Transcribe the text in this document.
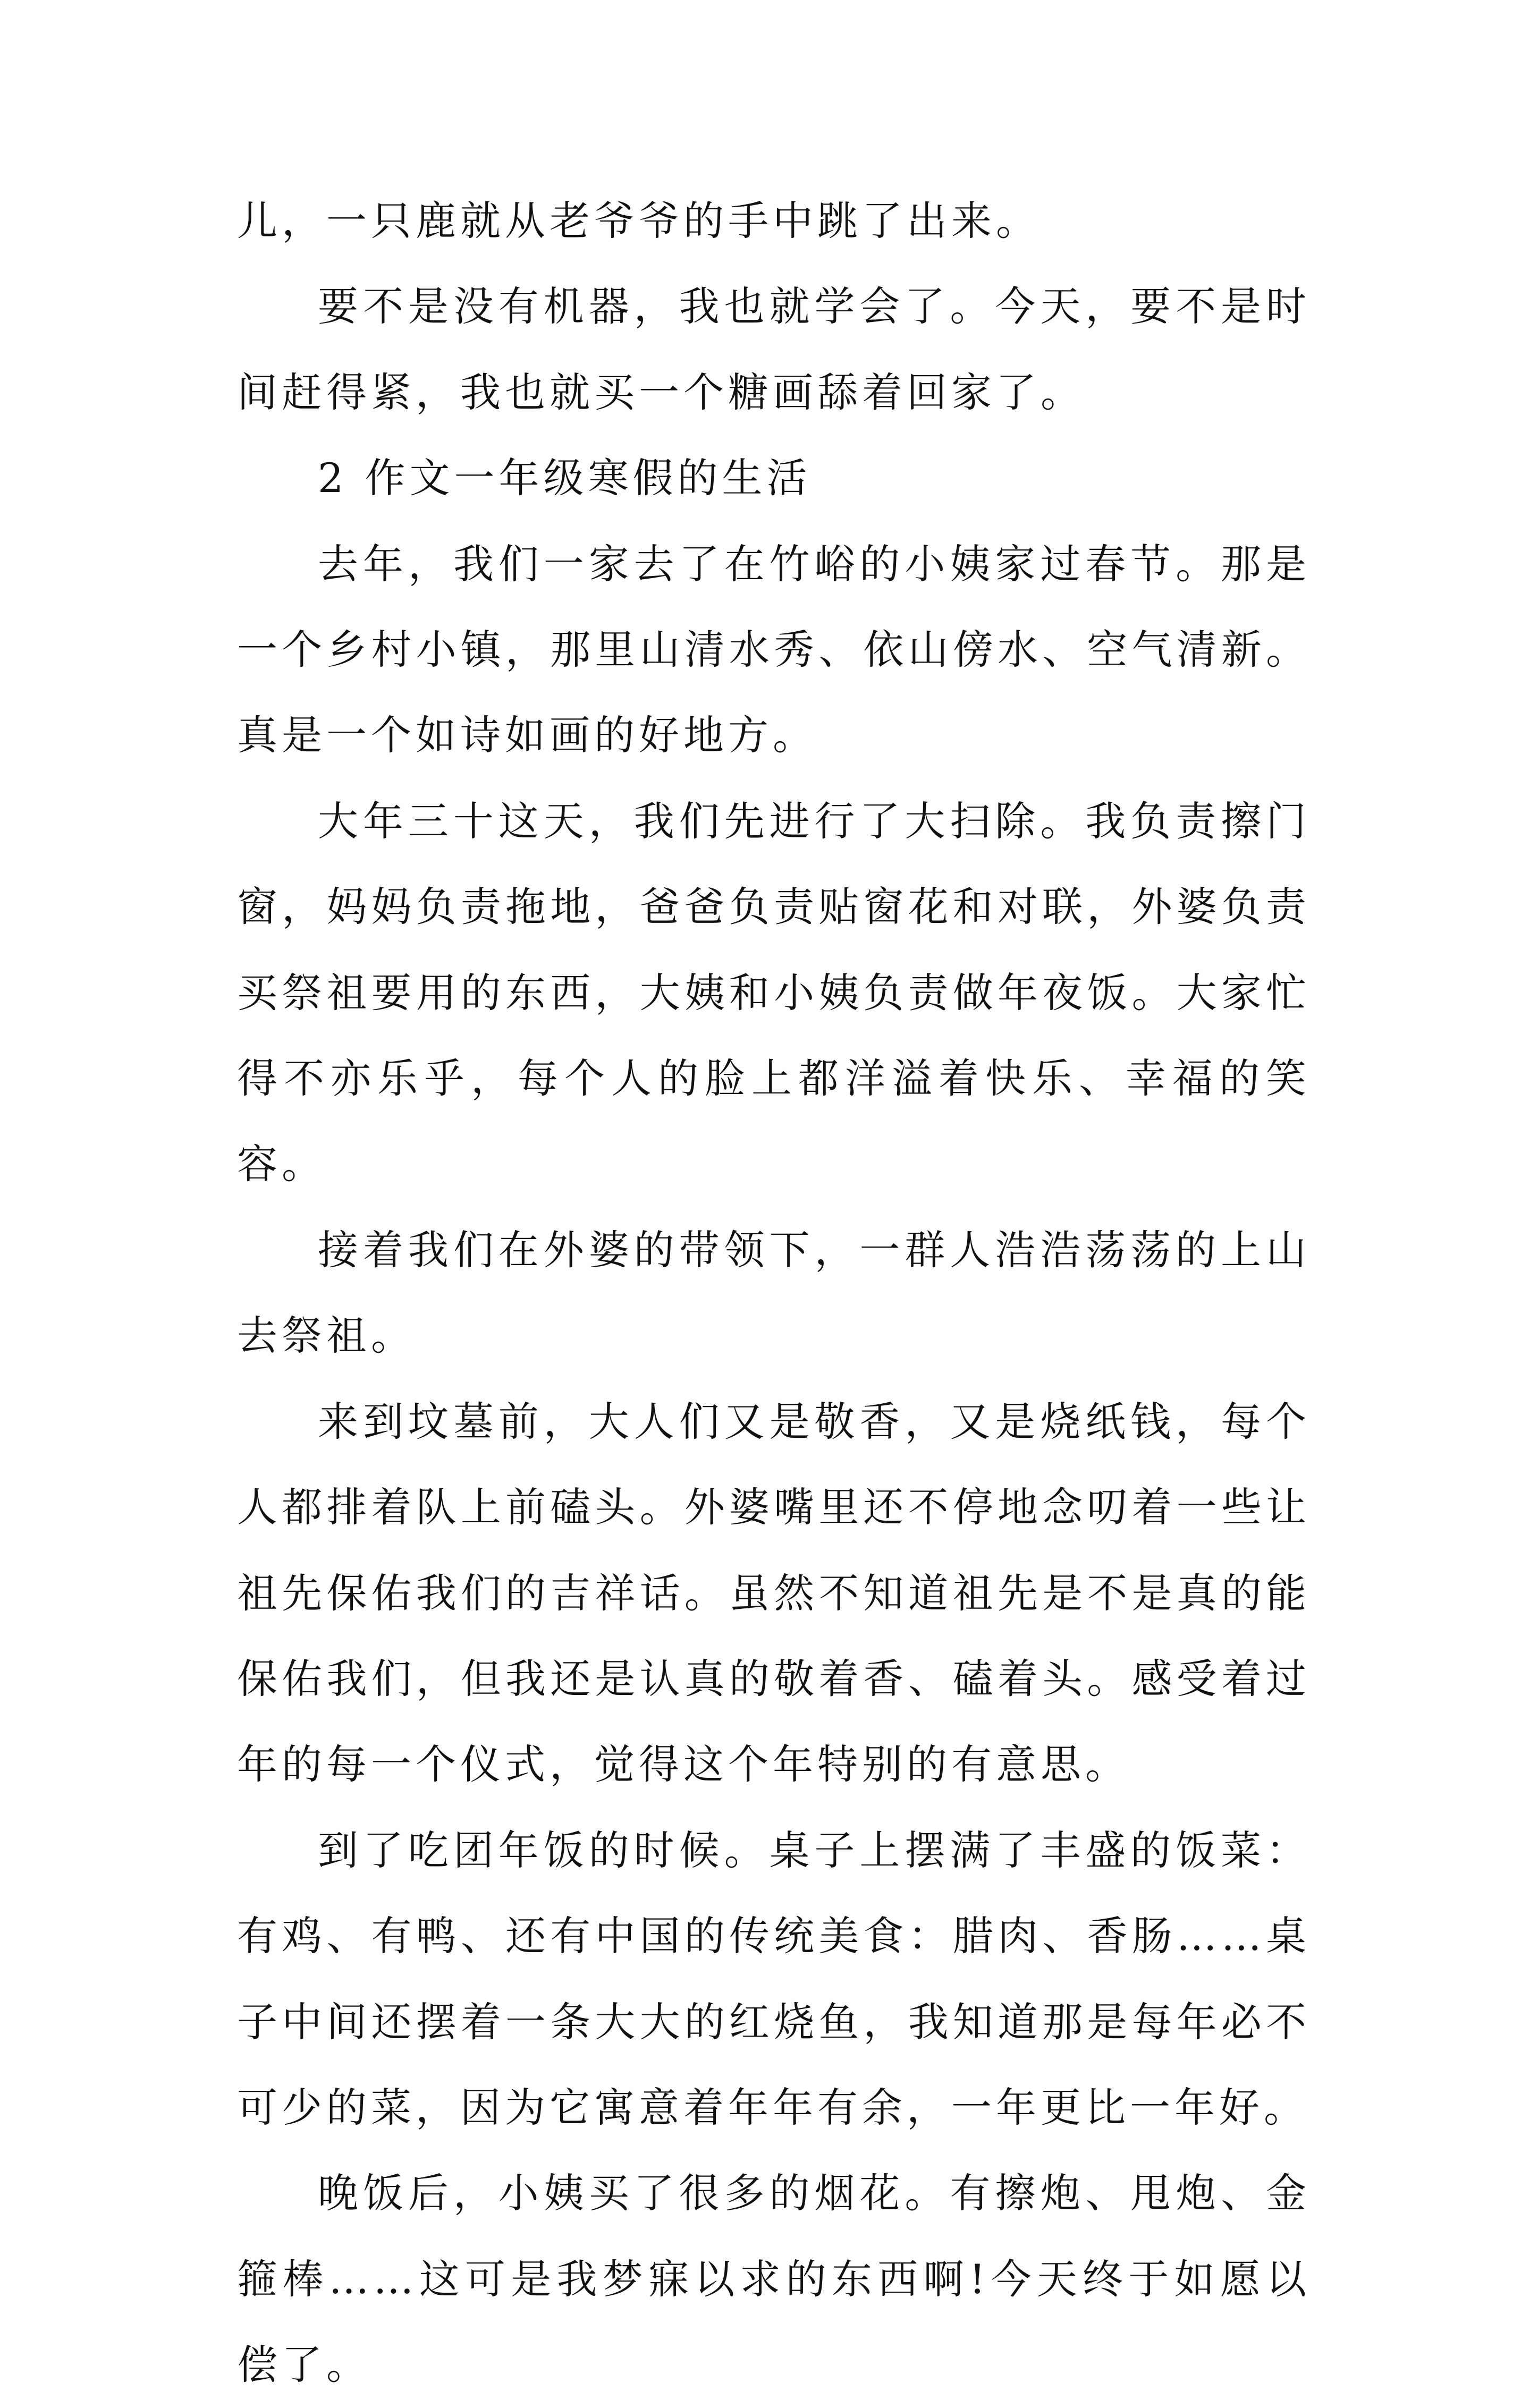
儿，一只鹿就从老爷爷的手中跳了出来。

要不是没有机器，我也就学会了。今天，要不是时间赶得紧，我也就买一个糖画舔着回家了。

2 作文一年级寒假的生活

去年，我们一家去了在竹峪的小姨家过春节。那是一个乡村小镇，那里山清水秀、依山傍水、空气清新。真是一个如诗如画的好地方。

大年三十这天，我们先进行了大扫除。我负责擦门窗，妈妈负责拖地，爸爸负责贴窗花和对联，外婆负责买祭祖要用的东西，大姨和小姨负责做年夜饭。大家忙得不亦乐乎，每个人的脸上都洋溢着快乐、幸福的笑容。

接着我们在外婆的带领下，一群人浩浩荡荡的上山去祭祖。

来到坟墓前，大人们又是敬香，又是烧纸钱，每个人都排着队上前磕头。外婆嘴里还不停地念叨着一些让祖先保佑我们的吉祥话。虽然不知道祖先是不是真的能保佑我们，但我还是认真的敬着香、磕着头。感受着过年的每一个仪式，觉得这个年特别的有意思。

到了吃团年饭的时候。桌子上摆满了丰盛的饭菜：有鸡、有鸭、还有中国的传统美食：腊肉、香肠……桌子中间还摆着一条大大的红烧鱼，我知道那是每年必不可少的菜，因为它寓意着年年有余，一年更比一年好。

晚饭后，小姨买了很多的烟花。有擦炮、甩炮、金箍棒……这可是我梦寐以求的东西啊!今天终于如愿以偿了。
